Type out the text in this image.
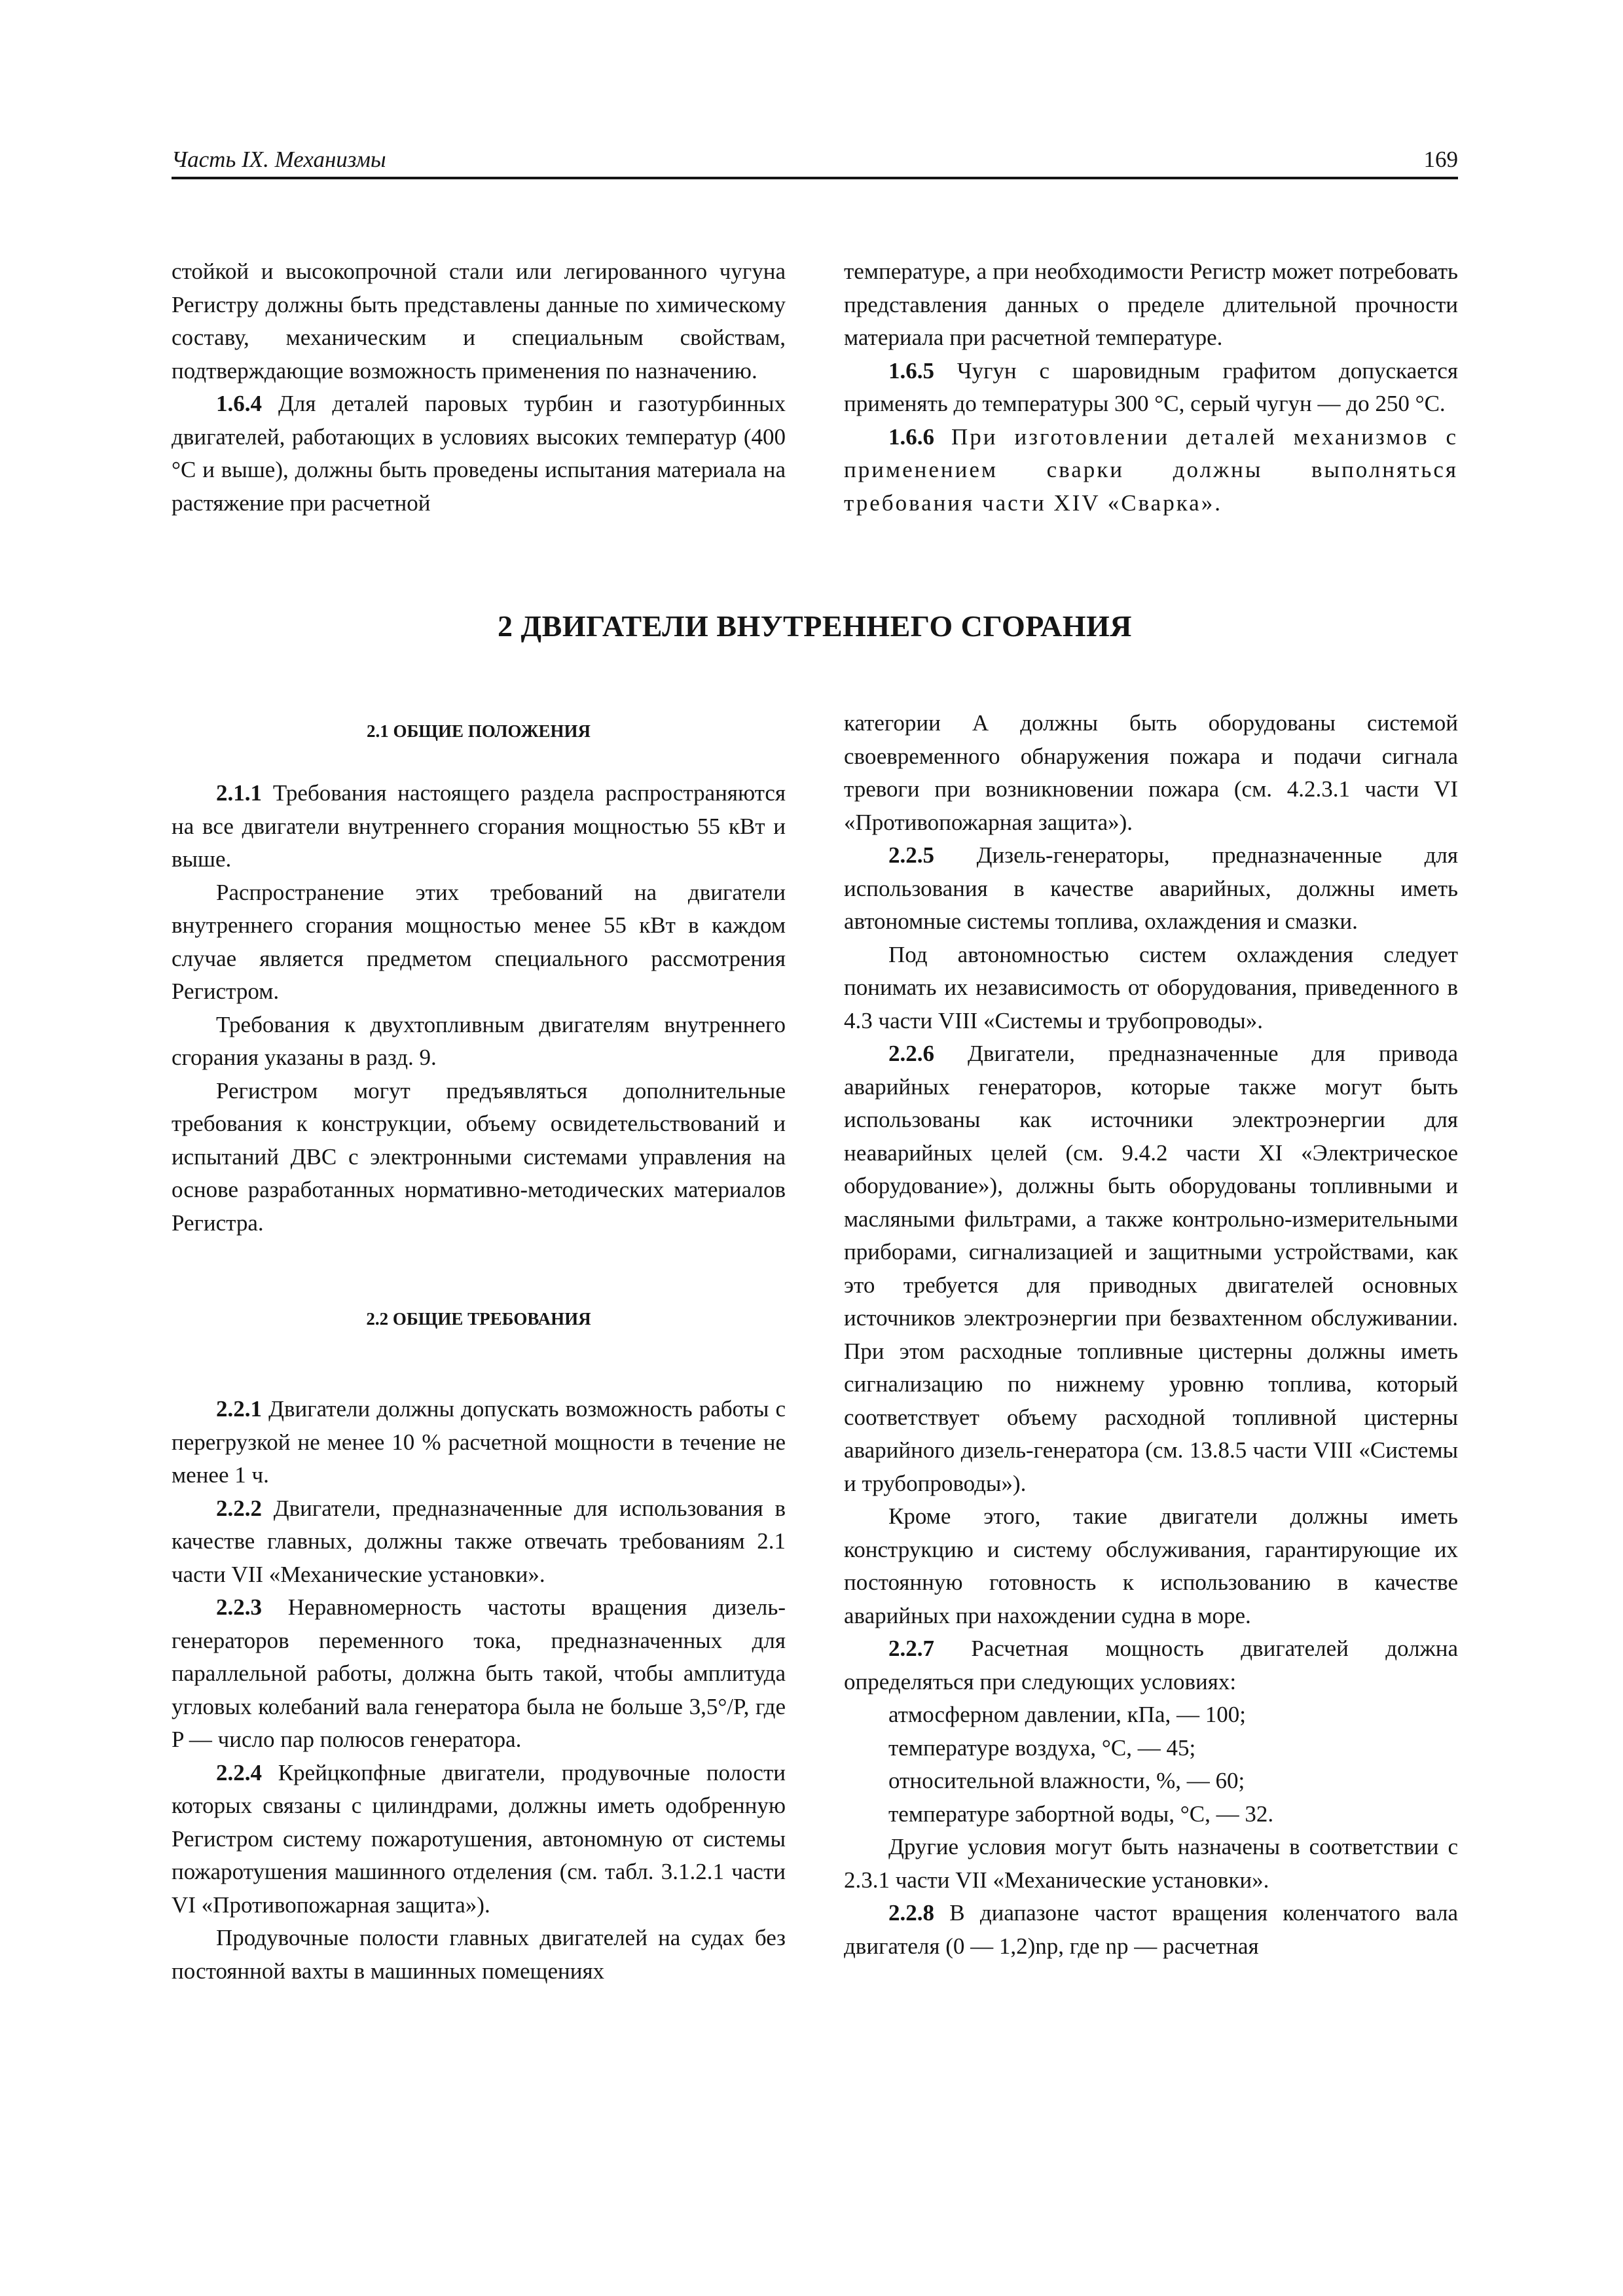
Часть IX. Механизмы	169

стойкой и высокопрочной стали или легированного чугуна Регистру должны быть представлены данные по химическому составу, механическим и специальным свойствам, подтверждающие возможность применения по назначению.

1.6.4 Для деталей паровых турбин и газотурбинных двигателей, работающих в условиях высоких температур (400 °С и выше), должны быть проведены испытания материала на растяжение при расчетной

температуре, а при необходимости Регистр может потребовать представления данных о пределе длительной прочности материала при расчетной температуре.

1.6.5 Чугун с шаровидным графитом допускается применять до температуры 300 °С, серый чугун — до 250 °С.

1.6.6 При изготовлении деталей механизмов с применением сварки должны выполняться требования части XIV «Сварка».

2 ДВИГАТЕЛИ ВНУТРЕННЕГО СГОРАНИЯ
2.1 ОБЩИЕ ПОЛОЖЕНИЯ

2.1.1 Требования настоящего раздела распространяются на все двигатели внутреннего сгорания мощностью 55 кВт и выше.

Распространение этих требований на двигатели внутреннего сгорания мощностью менее 55 кВт в каждом случае является предметом специального рассмотрения Регистром.

Требования к двухтопливным двигателям внутреннего сгорания указаны в разд. 9.

Регистром могут предъявляться дополнительные требования к конструкции, объему освидетельствований и испытаний ДВС с электронными системами управления на основе разработанных нормативно-методических материалов Регистра.

2.2 ОБЩИЕ ТРЕБОВАНИЯ

2.2.1 Двигатели должны допускать возможность работы с перегрузкой не менее 10 % расчетной мощности в течение не менее 1 ч.

2.2.2 Двигатели, предназначенные для использования в качестве главных, должны также отвечать требованиям 2.1 части VII «Механические установки».

2.2.3 Неравномерность частоты вращения дизель-генераторов переменного тока, предназначенных для параллельной работы, должна быть такой, чтобы амплитуда угловых колебаний вала генератора была не больше 3,5°/P, где P — число пар полюсов генератора.

2.2.4 Крейцкопфные двигатели, продувочные полости которых связаны с цилиндрами, должны иметь одобренную Регистром систему пожаротушения, автономную от системы пожаротушения машинного отделения (см. табл. 3.1.2.1 части VI «Противопожарная защита»).

Продувочные полости главных двигателей на судах без постоянной вахты в машинных помещениях

категории А должны быть оборудованы системой своевременного обнаружения пожара и подачи сигнала тревоги при возникновении пожара (см. 4.2.3.1 части VI «Противопожарная защита»).

2.2.5 Дизель-генераторы, предназначенные для использования в качестве аварийных, должны иметь автономные системы топлива, охлаждения и смазки.

Под автономностью систем охлаждения следует понимать их независимость от оборудования, приведенного в 4.3 части VIII «Системы и трубопроводы».

2.2.6 Двигатели, предназначенные для привода аварийных генераторов, которые также могут быть использованы как источники электроэнергии для неаварийных целей (см. 9.4.2 части XI «Электрическое оборудование»), должны быть оборудованы топливными и масляными фильтрами, а также контрольно-измерительными приборами, сигнализацией и защитными устройствами, как это требуется для приводных двигателей основных источников электроэнергии при безвахтенном обслуживании. При этом расходные топливные цистерны должны иметь сигнализацию по нижнему уровню топлива, который соответствует объему расходной топливной цистерны аварийного дизель-генератора (см. 13.8.5 части VIII «Системы и трубопроводы»).

Кроме этого, такие двигатели должны иметь конструкцию и систему обслуживания, гарантирующие их постоянную готовность к использованию в качестве аварийных при нахождении судна в море.

2.2.7 Расчетная мощность двигателей должна определяться при следующих условиях:

атмосферном давлении, кПа, — 100;

температуре воздуха, °С, — 45;

относительной влажности, %, — 60;

температуре забортной воды, °С, — 32.

Другие условия могут быть назначены в соответствии с 2.3.1 части VII «Механические установки».

2.2.8 В диапазоне частот вращения коленчатого вала двигателя (0 — 1,2)nр, где nр — расчетная
